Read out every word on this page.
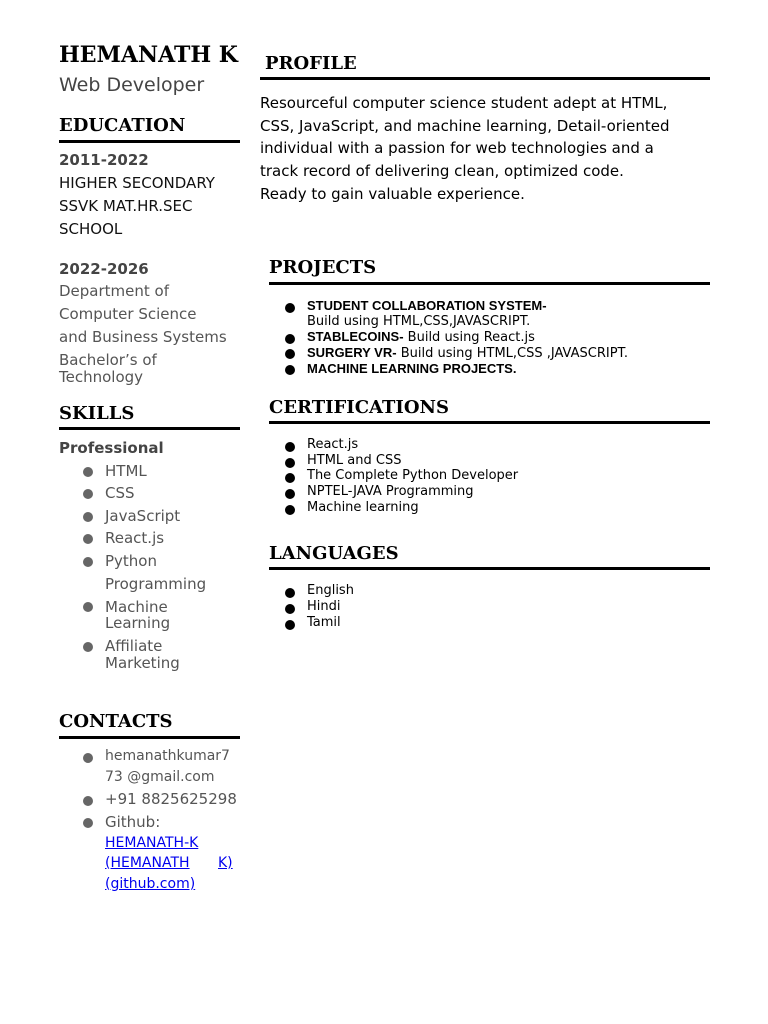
HEMANATH K
Web Developer
EDUCATION
2011-2022
HIGHER SECONDARY
SSVK MAT.HR.SEC
SCHOOL
2022-2026
Department of
Computer Science
and Business Systems
Bachelor’s of
Technology
SKILLS
Professional
HTML
CSS
JavaScript
React.js
Python
Programming
Machine
Learning
Affiliate
Marketing
CONTACTS
hemanathkumar7
73 @gmail.com
+91 8825625298
Github:
HEMANATH-K
(HEMANATH K)
(github.com)
PROFILE
Resourceful computer science student adept at HTML,
CSS, JavaScript, and machine learning, Detail-oriented
individual with a passion for web technologies and a
track record of delivering clean, optimized code.
Ready to gain valuable experience.
PROJECTS
STUDENT COLLABORATION SYSTEM-
Build using HTML,CSS,JAVASCRIPT.
STABLECOINS- Build using React.js
SURGERY VR- Build using HTML,CSS ,JAVASCRIPT.
MACHINE LEARNING PROJECTS.
CERTIFICATIONS
React.js
HTML and CSS
The Complete Python Developer
NPTEL-JAVA Programming
Machine learning
LANGUAGES
English
Hindi
Tamil
